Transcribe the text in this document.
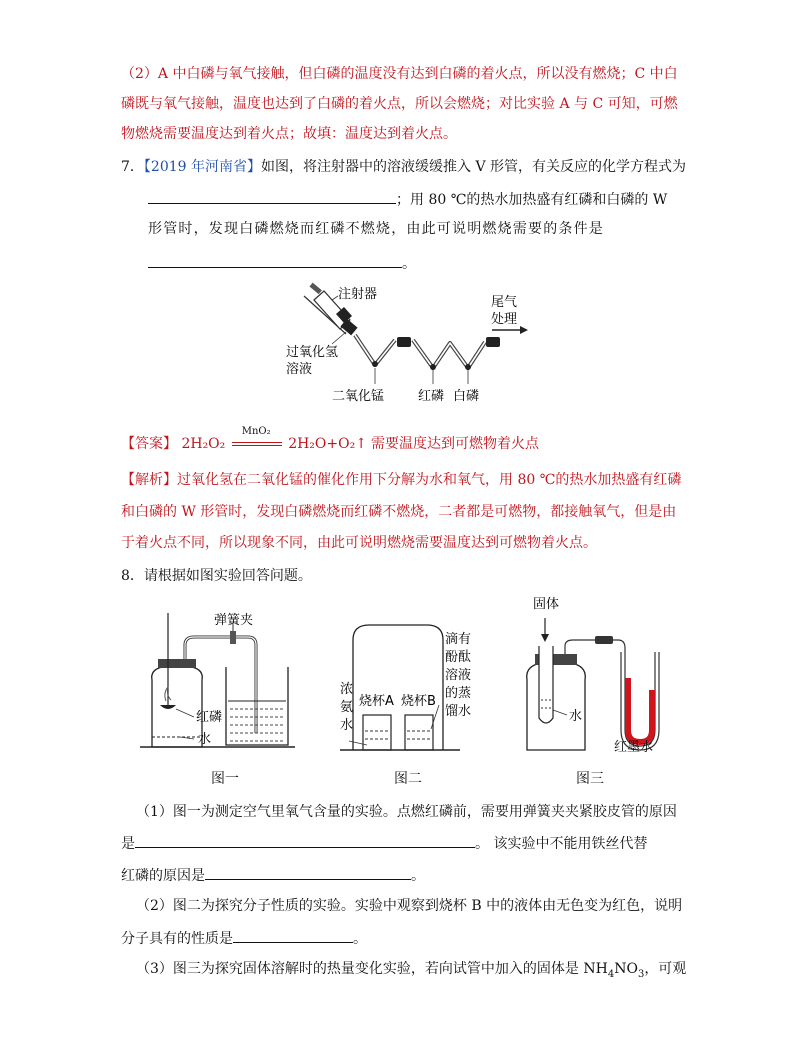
（2）A 中白磷与氧气接触，但白磷的温度没有达到白磷的着火点，所以没有燃烧；C 中白
磷既与氧气接触，温度也达到了白磷的着火点，所以会燃烧；对比实验 A 与 C 可知，可燃
物燃烧需要温度达到着火点；故填：温度达到着火点。
7．【2019 年河南省】如图，将注射器中的溶液缓缓推入 V 形管，有关反应的化学方程式为
；用 80 ℃的热水加热盛有红磷和白磷的 W
形管时，发现白磷燃烧而红磷不燃烧，由此可说明燃烧需要的条件是
。
注射器
尾气
处理
过氧化氢
溶液
二氧化锰	红磷 白磷
【答案】 2H₂O₂
MnO₂
2H₂O+O₂↑ 需要温度达到可燃物着火点
【解析】过氧化氢在二氧化锰的催化作用下分解为水和氧气，用 80 ℃的热水加热盛有红磷
和白磷的 W 形管时，发现白磷燃烧而红磷不燃烧，二者都是可燃物，都接触氧气，但是由
于着火点不同，所以现象不同，由此可说明燃烧需要温度达到可燃物着火点。
8．请根据如图实验回答问题。
弹簧夹
红磷
水
图一
浓
氨
水
烧杯A 烧杯B
滴有
酚酞
溶液
的蒸
馏水
图二
固体
水
红墨水
图三
（1）图一为测定空气里氧气含量的实验。点燃红磷前，需要用弹簧夹夹紧胶皮管的原因
是	。 该实验中不能用铁丝代替
红磷的原因是	。
（2）图二为探究分子性质的实验。实验中观察到烧杯 B 中的液体由无色变为红色，说明
分子具有的性质是	。
（3）图三为探究固体溶解时的热量变化实验，若向试管中加入的固体是 $NH_4NO_3$，可观
